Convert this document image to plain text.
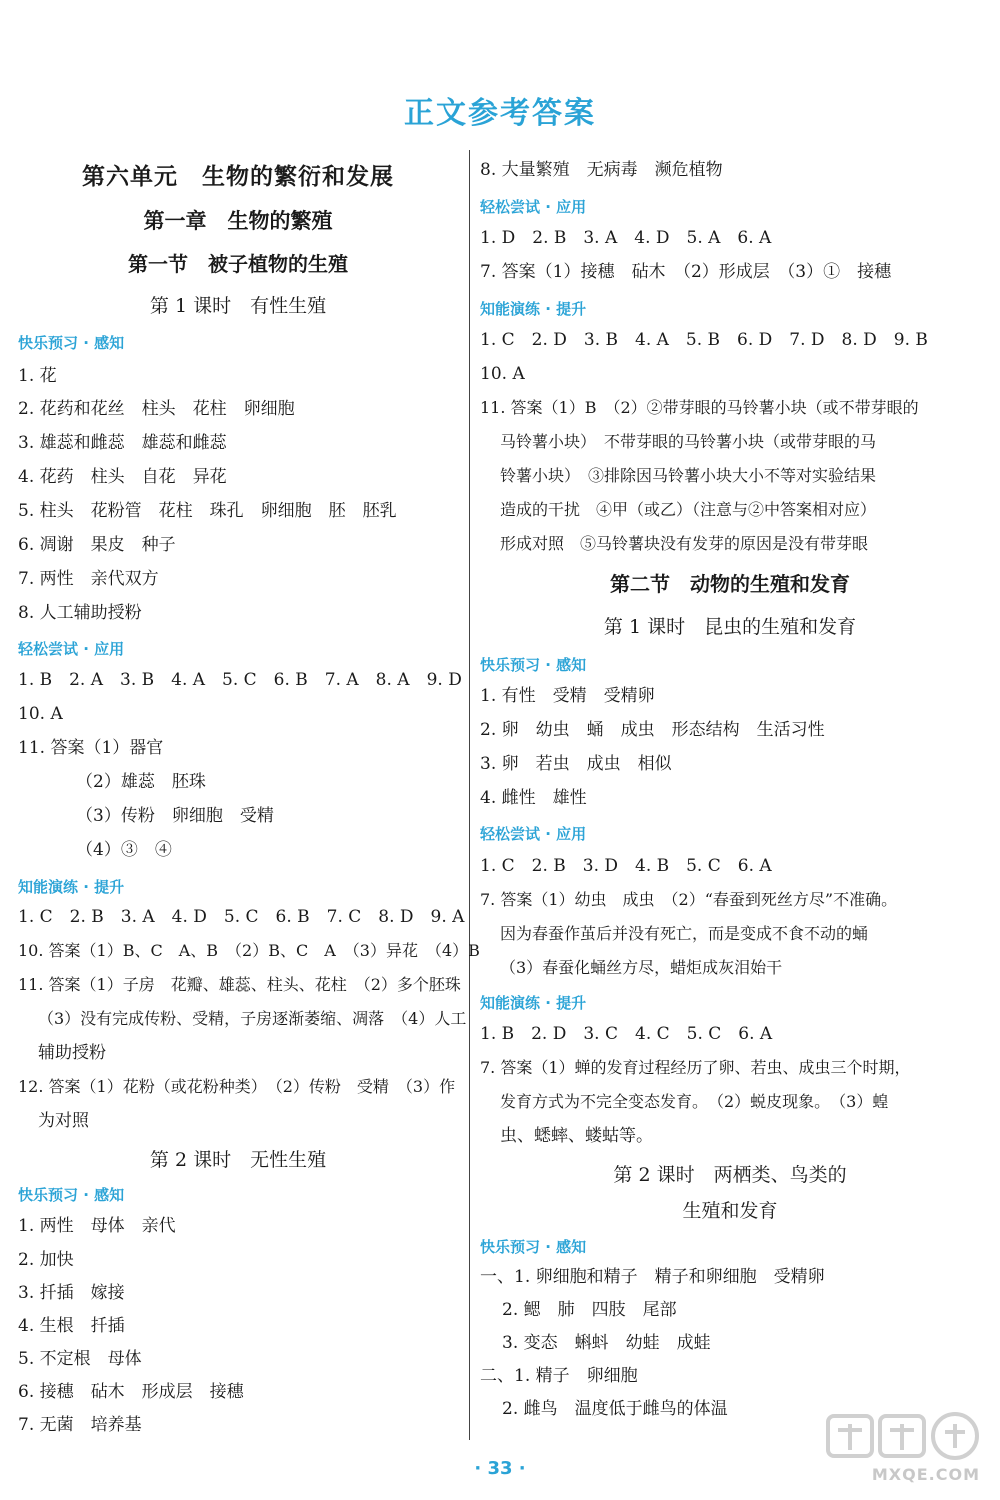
正文参考答案
第六单元　生物的繁衍和发展
第一章　生物的繁殖
第一节　被子植物的生殖
第 1 课时　有性生殖
快乐预习 · 感知
1. 花
2. 花药和花丝　柱头　花柱　卵细胞
3. 雄蕊和雌蕊　雄蕊和雌蕊
4. 花药　柱头　自花　异花
5. 柱头　花粉管　花柱　珠孔　卵细胞　胚　胚乳
6. 凋谢　果皮　种子
7. 两性　亲代双方
8. 人工辅助授粉
轻松尝试 · 应用
1. B　2. A　3. B　4. A　5. C　6. B　7. A　8. A　9. D
10. A
11. 答案（1）器官
（2）雄蕊　胚珠
（3）传粉　卵细胞　受精
（4）③　④
知能演练 · 提升
1. C　2. B　3. A　4. D　5. C　6. B　7. C　8. D　9. A
10. 答案（1）B、C　A、B　（2）B、C　A　（3）异花　（4）B
11. 答案（1）子房　花瓣、雄蕊、柱头、花柱　（2）多个胚珠
（3）没有完成传粉、受精，子房逐渐萎缩、凋落　（4）人工
辅助授粉
12. 答案（1）花粉（或花粉种类）　（2）传粉　受精　（3）作
为对照
第 2 课时　无性生殖
快乐预习 · 感知
1. 两性　母体　亲代
2. 加快
3. 扦插　嫁接
4. 生根　扦插
5. 不定根　母体
6. 接穗　砧木　形成层　接穗
7. 无菌　培养基
8. 大量繁殖　无病毒　濒危植物
轻松尝试 · 应用
1. D　2. B　3. A　4. D　5. A　6. A
7. 答案（1）接穗　砧木　（2）形成层　（3）①　接穗
知能演练 · 提升
1. C　2. D　3. B　4. A　5. B　6. D　7. D　8. D　9. B
10. A
11. 答案（1）B　（2）②带芽眼的马铃薯小块（或不带芽眼的
马铃薯小块）　不带芽眼的马铃薯小块（或带芽眼的马
铃薯小块）　③排除因马铃薯小块大小不等对实验结果
造成的干扰　④甲（或乙）（注意与②中答案相对应）
形成对照　⑤马铃薯块没有发芽的原因是没有带芽眼
第二节　动物的生殖和发育
第 1 课时　昆虫的生殖和发育
快乐预习 · 感知
1. 有性　受精　受精卵
2. 卵　幼虫　蛹　成虫　形态结构　生活习性
3. 卵　若虫　成虫　相似
4. 雌性　雄性
轻松尝试 · 应用
1. C　2. B　3. D　4. B　5. C　6. A
7. 答案（1）幼虫　成虫　（2）“春蚕到死丝方尽”不准确。
因为春蚕作茧后并没有死亡，而是变成不食不动的蛹
（3）春蚕化蛹丝方尽，蜡炬成灰泪始干
知能演练 · 提升
1. B　2. D　3. C　4. C　5. C　6. A
7. 答案（1）蝉的发育过程经历了卵、若虫、成虫三个时期，
发育方式为不完全变态发育。　（2）蜕皮现象。　（3）蝗
虫、蟋蟀、蝼蛄等。
第 2 课时　两栖类、鸟类的
生殖和发育
快乐预习 · 感知
一、1. 卵细胞和精子　精子和卵细胞　受精卵
2. 鳃　肺　四肢　尾部
3. 变态　蝌蚪　幼蛙　成蛙
二、1. 精子　卵细胞
2. 雌鸟　温度低于雌鸟的体温
· 33 ·	MXQE.COM
